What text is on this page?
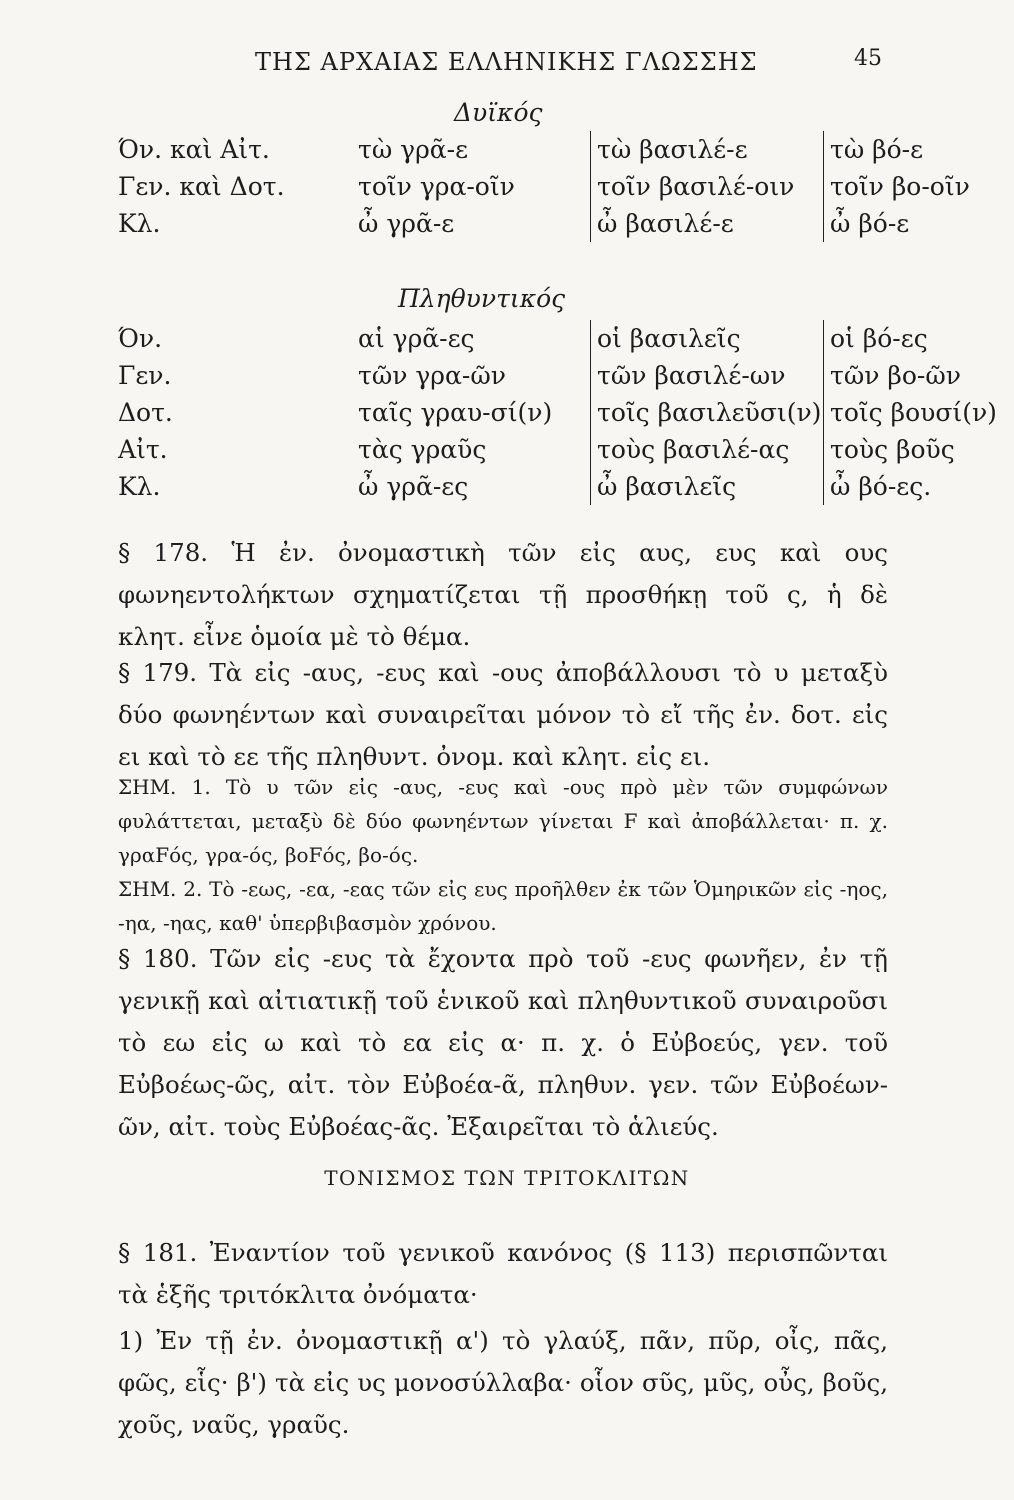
ΤΗΣ ΑΡΧΑΙΑΣ ΕΛΛΗΝΙΚΗΣ ΓΛΩΣΣΗΣ	45
Δυϊκός
Όν. καὶ Αἰτ.	τὼ γρᾶ-ε	τὼ βασιλέ-ε	τὼ βό-ε
Γεν. καὶ Δοτ.	τοῖν γρα-οῖν	τοῖν βασιλέ-οιν	τοῖν βο-οῖν
Κλ.	ὦ γρᾶ-ε	ὦ βασιλέ-ε	ὦ βό-ε
Πληθυντικός
Όν.	αἱ γρᾶ-ες	οἱ βασιλεῖς	οἱ βό-ες
Γεν.	τῶν γρα-ῶν	τῶν βασιλέ-ων	τῶν βο-ῶν
Δοτ.	ταῖς γραυ-σί(ν)	τοῖς βασιλεῦσι(ν)	τοῖς βουσί(ν)
Αἰτ.	τὰς γραῦς	τοὺς βασιλέ-ας	τοὺς βοῦς
Κλ.	ὦ γρᾶ-ες	ὦ βασιλεῖς	ὦ βό-ες.
§ 178. Ἡ ἐν. ὀνομαστικὴ τῶν εἰς αυς, ευς καὶ ους φωνηεντολήκτων σχηματίζεται τῇ προσθήκῃ τοῦ ς, ἡ δὲ κλητ. εἶνε ὁμοία μὲ τὸ θέμα.
§ 179. Τὰ εἰς -αυς, -ευς καὶ -ους ἀποβάλλουσι τὸ υ μεταξὺ δύο φωνηέντων καὶ συναιρεῖται μόνον τὸ εἴ τῆς ἐν. δοτ. εἰς ει καὶ τὸ εε τῆς πληθυντ. ὀνομ. καὶ κλητ. εἰς ει.
ΣΗΜ. 1. Τὸ υ τῶν εἰς -αυς, -ευς καὶ -ους πρὸ μὲν τῶν συμφώνων φυλάττεται, μεταξὺ δὲ δύο φωνηέντων γίνεται F καὶ ἀποβάλλεται· π. χ. γραFός, γρα-ός, βοFός, βο-ός.
ΣΗΜ. 2. Τὸ -εως, -εα, -εας τῶν εἰς ευς προῆλθεν ἐκ τῶν Ὁμηρικῶν εἰς -ηος, -ηα, -ηας, καθ' ὑπερβιβασμὸν χρόνου.
§ 180. Τῶν εἰς -ευς τὰ ἔχοντα πρὸ τοῦ -ευς φωνῆεν, ἐν τῇ γενικῇ καὶ αἰτιατικῇ τοῦ ἑνικοῦ καὶ πληθυντικοῦ συναιροῦσι τὸ εω εἰς ω καὶ τὸ εα εἰς α· π. χ. ὁ Εὐβοεύς, γεν. τοῦ Εὐβοέως-ῶς, αἰτ. τὸν Εὐβοέα-ᾶ, πληθυν. γεν. τῶν Εὐβοέων-ῶν, αἰτ. τοὺς Εὐβοέας-ᾶς. Ἐξαιρεῖται τὸ ἁλιεύς.
ΤΟΝΙΣΜΟΣ ΤΩΝ ΤΡΙΤΟΚΛΙΤΩΝ
§ 181. Ἐναντίον τοῦ γενικοῦ κανόνος (§ 113) περισπῶνται τὰ ἑξῆς τριτόκλιτα ὀνόματα·
1) Ἐν τῇ ἐν. ὀνομαστικῇ α') τὸ γλαύξ, πᾶν, πῦρ, οἶς, πᾶς, φῶς, εἷς· β') τὰ εἰς υς μονοσύλλαβα· οἷον σῦς, μῦς, οὖς, βοῦς, χοῦς, ναῦς, γραῦς.
